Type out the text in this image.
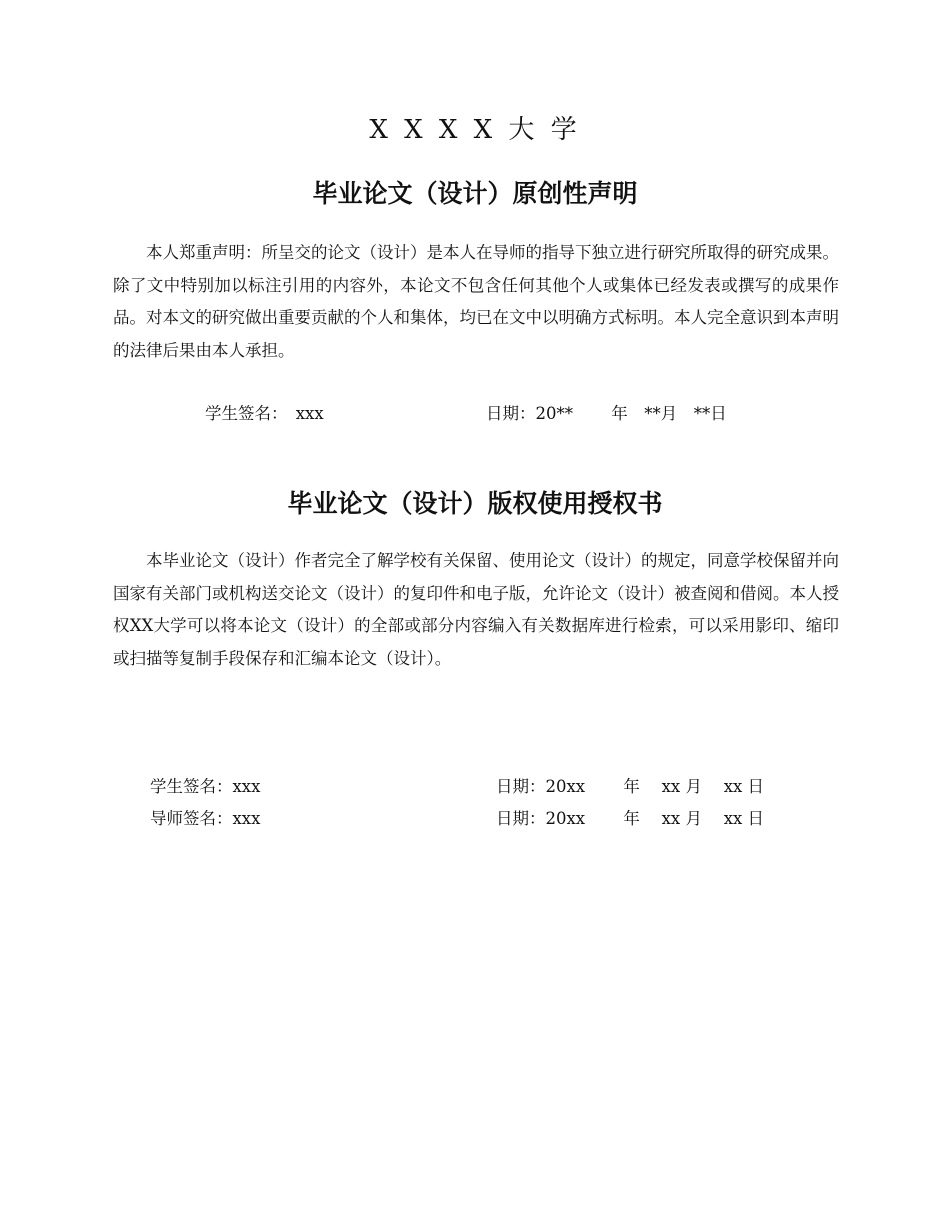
X X X X 大 学
毕业论文（设计）原创性声明
本人郑重声明：所呈交的论文（设计）是本人在导师的指导下独立进行研究所取得的研究成果。除了文中特别加以标注引用的内容外，本论文不包含任何其他个人或集体已经发表或撰写的成果作品。对本文的研究做出重要贡献的个人和集体，均已在文中以明确方式标明。本人完全意识到本声明的法律后果由本人承担。
学生签名：　xxx	日期：20**　　 年　**月　**日
毕业论文（设计）版权使用授权书
本毕业论文（设计）作者完全了解学校有关保留、使用论文（设计）的规定，同意学校保留并向国家有关部门或机构送交论文（设计）的复印件和电子版，允许论文（设计）被查阅和借阅。本人授权XX大学可以将本论文（设计）的全部或部分内容编入有关数据库进行检索，可以采用影印、缩印或扫描等复制手段保存和汇编本论文（设计）。
学生签名：xxx	日期：20xx　　 年　 xx 月　 xx 日
导师签名：xxx	日期：20xx　　 年　 xx 月　 xx 日
